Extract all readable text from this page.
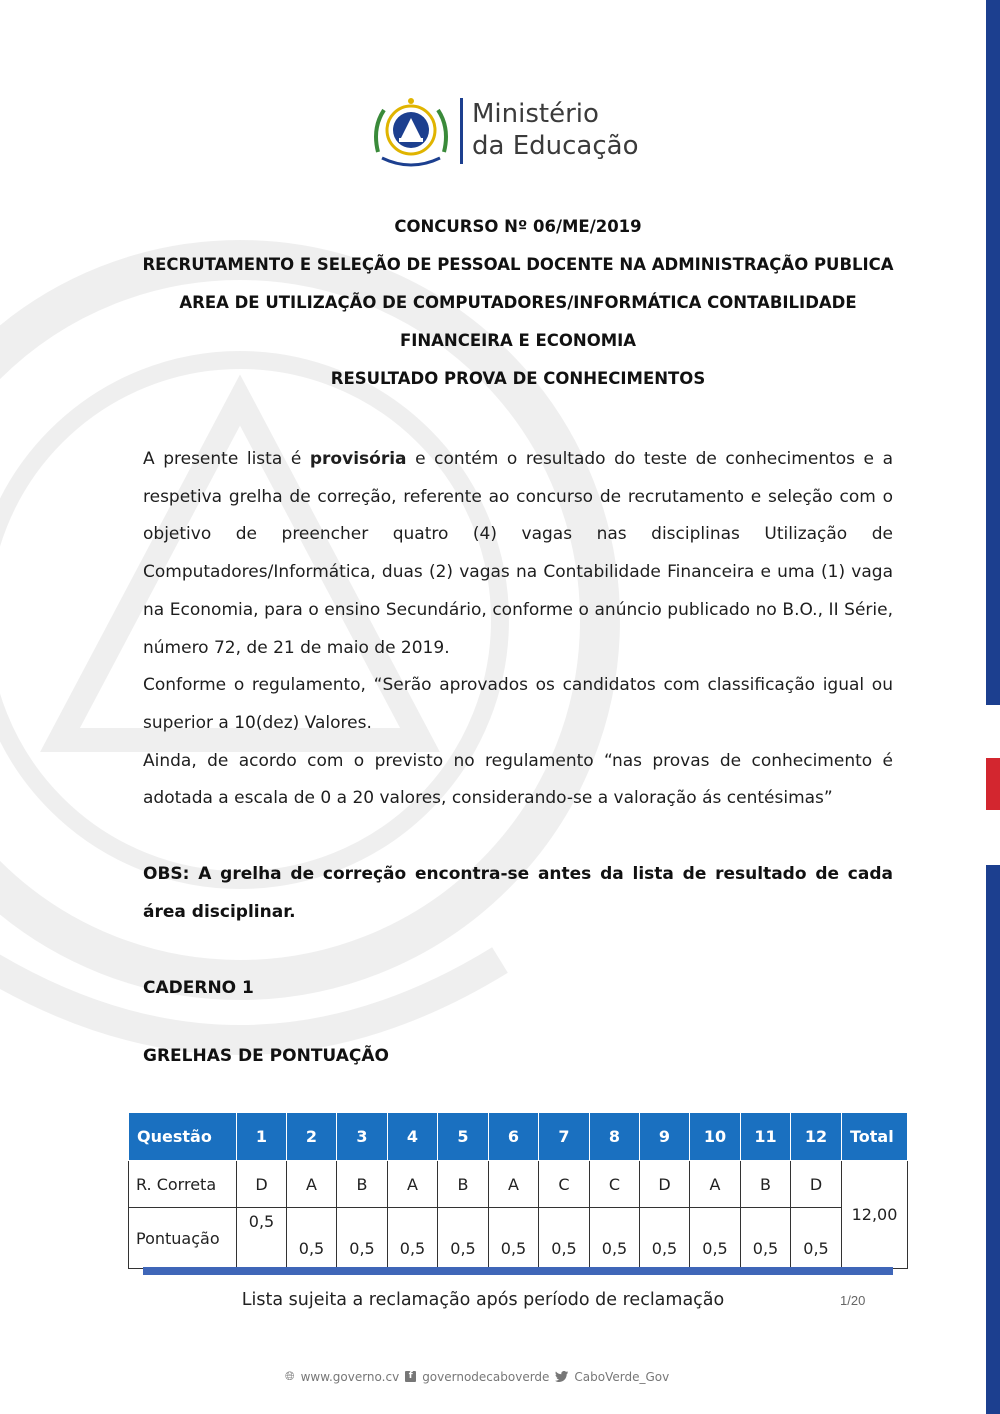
Ministério
da Educação
CONCURSO Nº 06/ME/2019
RECRUTAMENTO E SELEÇÃO DE PESSOAL DOCENTE NA ADMINISTRAÇÃO PUBLICA
AREA DE UTILIZAÇÃO DE COMPUTADORES/INFORMÁTICA CONTABILIDADE
FINANCEIRA E ECONOMIA
RESULTADO PROVA DE CONHECIMENTOS

A presente lista é provisória e contém o resultado do teste de conhecimentos e a respetiva grelha de correção, referente ao concurso de recrutamento e seleção com o objetivo de preencher quatro (4) vagas nas disciplinas Utilização de Computadores/Informática, duas (2) vagas na Contabilidade Financeira e uma (1) vaga na Economia, para o ensino Secundário, conforme o anúncio publicado no B.O., II Série, número 72, de 21 de maio de 2019.

Conforme o regulamento, “Serão aprovados os candidatos com classificação igual ou superior a 10(dez) Valores.

Ainda, de acordo com o previsto no regulamento “nas provas de conhecimento é adotada a escala de 0 a 20 valores, considerando-se a valoração ás centésimas”

OBS: A grelha de correção encontra-se antes da lista de resultado de cada área disciplinar.
CADERNO 1
GRELHAS DE PONTUAÇÃO
Questão	1	2	3	4	5	6	7	8	9	10	11	12	Total
R. Correta	D	A	B	A	B	A	C	C	D	A	B	D	12,00
Pontuação	0,5	0,5	0,5	0,5	0,5	0,5	0,5	0,5	0,5	0,5	0,5	0,5	
Lista sujeita a reclamação após período de reclamação	1/20
🌐︎ www.governo.cv	f governodecaboverde CaboVerde_Gov
